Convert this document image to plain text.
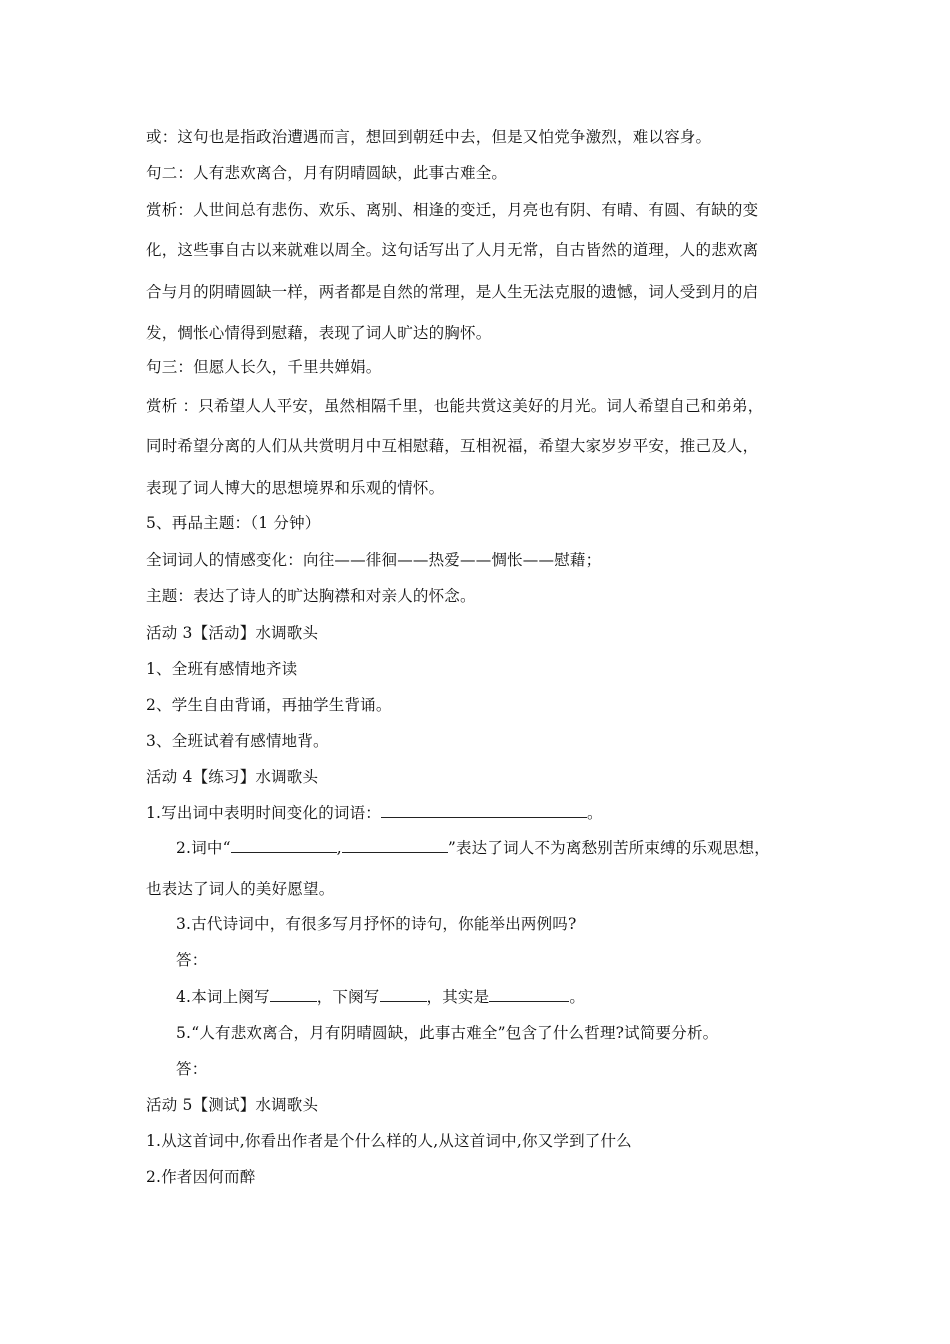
或：这句也是指政治遭遇而言，想回到朝廷中去，但是又怕党争激烈，难以容身。
句二：人有悲欢离合，月有阴晴圆缺，此事古难全。
赏析：人世间总有悲伤、欢乐、离别、相逢的变迁，月亮也有阴、有晴、有圆、有缺的变
化，这些事自古以来就难以周全。这句话写出了人月无常，自古皆然的道理，人的悲欢离
合与月的阴晴圆缺一样，两者都是自然的常理，是人生无法克服的遗憾，词人受到月的启
发，惆怅心情得到慰藉，表现了词人旷达的胸怀。
句三：但愿人长久，千里共婵娟。
赏析 ：只希望人人平安，虽然相隔千里，也能共赏这美好的月光。词人希望自己和弟弟，
同时希望分离的人们从共赏明月中互相慰藉，互相祝福，希望大家岁岁平安，推己及人，
表现了词人博大的思想境界和乐观的情怀。
5、再品主题：（1 分钟）
全词词人的情感变化：向往——徘徊——热爱——惆怅——慰藉；
主题：表达了诗人的旷达胸襟和对亲人的怀念。
活动 3【活动】水调歌头
1、全班有感情地齐读
2、学生自由背诵，再抽学生背诵。
3、全班试着有感情地背。
活动 4【练习】水调歌头
1.写出词中表明时间变化的词语：	。
2.词中“	,	”表达了词人不为离愁别苦所束缚的乐观思想，
也表达了词人的美好愿望。
3.古代诗词中，有很多写月抒怀的诗句，你能举出两例吗?
答：
4.本词上阕写	，下阕写	，其实是	。
5.“人有悲欢离合，月有阴晴圆缺，此事古难全”包含了什么哲理?试简要分析。
答：
活动 5【测试】水调歌头
1.从这首词中,你看出作者是个什么样的人,从这首词中,你又学到了什么
2.作者因何而醉
